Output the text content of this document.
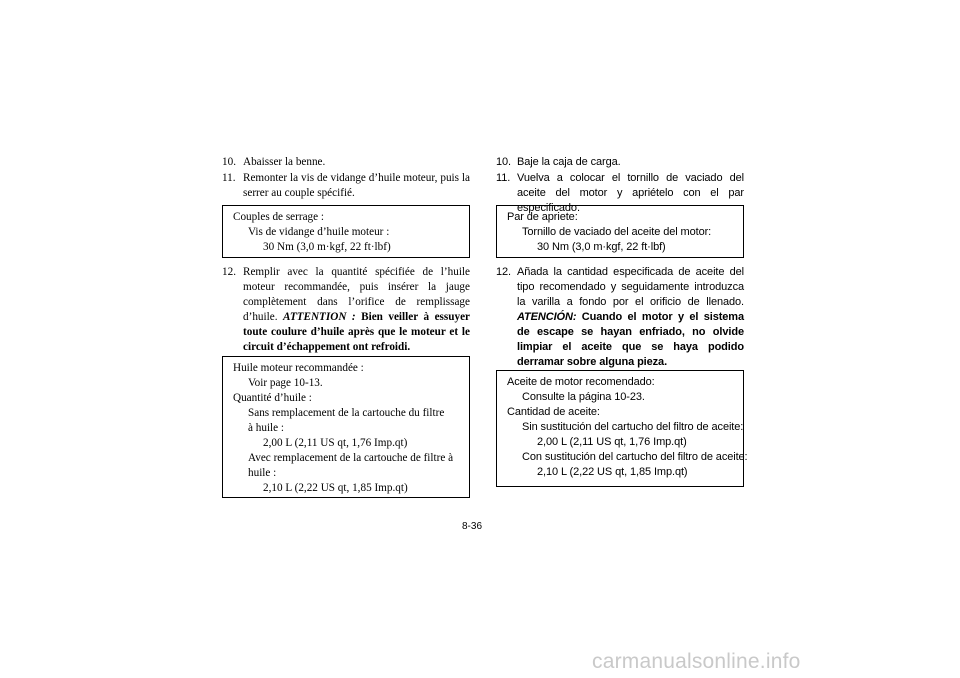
10. Abaisser la benne.
11. Remonter la vis de vidange d’huile moteur, puis la serrer au couple spécifié.
Couples de serrage :
Vis de vidange d’huile moteur :
30 Nm (3,0 m·kgf, 22 ft·lbf)
12. Remplir avec la quantité spécifiée de l’huile moteur recommandée, puis insérer la jauge complètement dans l’orifice de remplissage d’huile. ATTENTION : Bien veiller à essuyer toute coulure d’huile après que le moteur et le circuit d’échappement ont refroidi.
Huile moteur recommandée :
Voir page 10-13.
Quantité d’huile :
Sans remplacement de la cartouche du filtre à huile :
2,00 L (2,11 US qt, 1,76 Imp.qt)
Avec remplacement de la cartouche de filtre à huile :
2,10 L (2,22 US qt, 1,85 Imp.qt)
10. Baje la caja de carga.
11. Vuelva a colocar el tornillo de vaciado del aceite del motor y apriételo con el par especificado.
Par de apriete:
Tornillo de vaciado del aceite del motor:
30 Nm (3,0 m·kgf, 22 ft·lbf)
12. Añada la cantidad especificada de aceite del tipo recomendado y seguidamente introduzca la varilla a fondo por el orificio de llenado. ATENCIÓN: Cuando el motor y el sistema de escape se hayan enfriado, no olvide limpiar el aceite que se haya podido derramar sobre alguna pieza.
Aceite de motor recomendado:
Consulte la página 10-23.
Cantidad de aceite:
Sin sustitución del cartucho del filtro de aceite:
2,00 L (2,11 US qt, 1,76 Imp.qt)
Con sustitución del cartucho del filtro de aceite:
2,10 L (2,22 US qt, 1,85 Imp.qt)
8-36
carmanualsonline.info
